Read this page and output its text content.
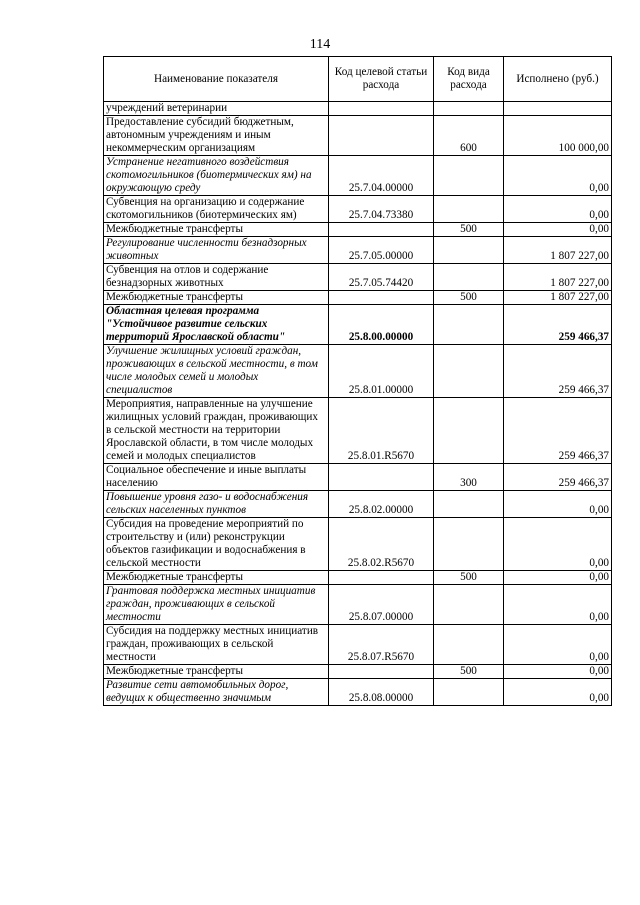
114
Наименование показателя	Код целевой статьи расхода	Код вида расхода	Исполнено (руб.)
учреждений ветеринарии			
Предоставление субсидий бюджетным, автономным учреждениям и иным некоммерческим организациям		600	100 000,00
Устранение негативного воздействия скотомогильников (биотермических ям) на окружающую среду	25.7.04.00000		0,00
Субвенция на организацию и содержание скотомогильников (биотермических ям)	25.7.04.73380		0,00
Межбюджетные трансферты		500	0,00
Регулирование численности безнадзорных животных	25.7.05.00000		1 807 227,00
Субвенция на отлов и содержание безнадзорных животных	25.7.05.74420		1 807 227,00
Межбюджетные трансферты		500	1 807 227,00
Областная целевая программа "Устойчивое развитие сельских территорий Ярославской области"	25.8.00.00000		259 466,37
Улучшение жилищных условий граждан, проживающих в сельской местности, в том числе молодых семей и молодых специалистов	25.8.01.00000		259 466,37
Мероприятия, направленные на улучшение жилищных условий граждан, проживающих в сельской местности на территории Ярославской области, в том числе молодых семей и молодых специалистов	25.8.01.R5670		259 466,37
Социальное обеспечение и иные выплаты населению		300	259 466,37
Повышение уровня газо- и водоснабжения сельских населенных пунктов	25.8.02.00000		0,00
Субсидия на проведение мероприятий по строительству и (или) реконструкции объектов газификации и водоснабжения в сельской местности	25.8.02.R5670		0,00
Межбюджетные трансферты		500	0,00
Грантовая поддержка местных инициатив граждан, проживающих в сельской местности	25.8.07.00000		0,00
Субсидия на поддержку местных инициатив граждан, проживающих в сельской местности	25.8.07.R5670		0,00
Межбюджетные трансферты		500	0,00
Развитие сети автомобильных дорог, ведущих к общественно значимым	25.8.08.00000		0,00
